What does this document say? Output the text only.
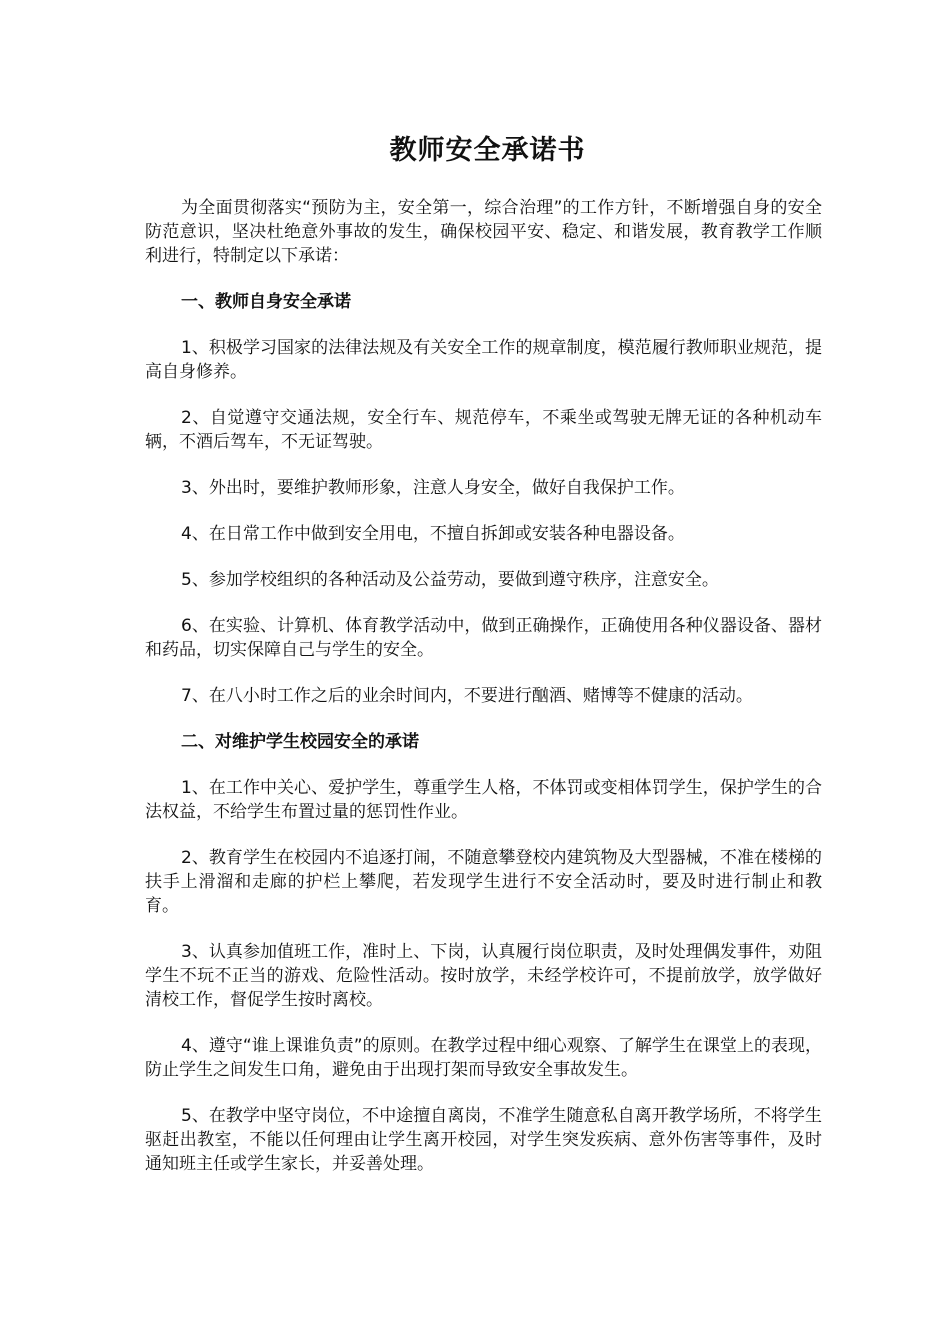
教师安全承诺书

为全面贯彻落实“预防为主，安全第一，综合治理”的工作方针，不断增强自身的安全防范意识，坚决杜绝意外事故的发生，确保校园平安、稳定、和谐发展，教育教学工作顺利进行，特制定以下承诺：

一、教师自身安全承诺

1、积极学习国家的法律法规及有关安全工作的规章制度，模范履行教师职业规范，提高自身修养。

2、自觉遵守交通法规，安全行车、规范停车，不乘坐或驾驶无牌无证的各种机动车辆，不酒后驾车，不无证驾驶。

3、外出时，要维护教师形象，注意人身安全，做好自我保护工作。

4、在日常工作中做到安全用电，不擅自拆卸或安装各种电器设备。

5、参加学校组织的各种活动及公益劳动，要做到遵守秩序，注意安全。

6、在实验、计算机、体育教学活动中，做到正确操作，正确使用各种仪器设备、器材和药品，切实保障自己与学生的安全。

7、在八小时工作之后的业余时间内，不要进行酗酒、赌博等不健康的活动。

二、对维护学生校园安全的承诺

1、在工作中关心、爱护学生，尊重学生人格，不体罚或变相体罚学生，保护学生的合法权益，不给学生布置过量的惩罚性作业。

2、教育学生在校园内不追逐打闹，不随意攀登校内建筑物及大型器械，不准在楼梯的扶手上滑溜和走廊的护栏上攀爬，若发现学生进行不安全活动时，要及时进行制止和教育。

3、认真参加值班工作，准时上、下岗，认真履行岗位职责，及时处理偶发事件，劝阻学生不玩不正当的游戏、危险性活动。按时放学，未经学校许可，不提前放学，放学做好清校工作，督促学生按时离校。

4、遵守“谁上课谁负责”的原则。在教学过程中细心观察、了解学生在课堂上的表现，防止学生之间发生口角，避免由于出现打架而导致安全事故发生。

5、在教学中坚守岗位，不中途擅自离岗，不准学生随意私自离开教学场所，不将学生驱赶出教室，不能以任何理由让学生离开校园，对学生突发疾病、意外伤害等事件，及时通知班主任或学生家长，并妥善处理。
